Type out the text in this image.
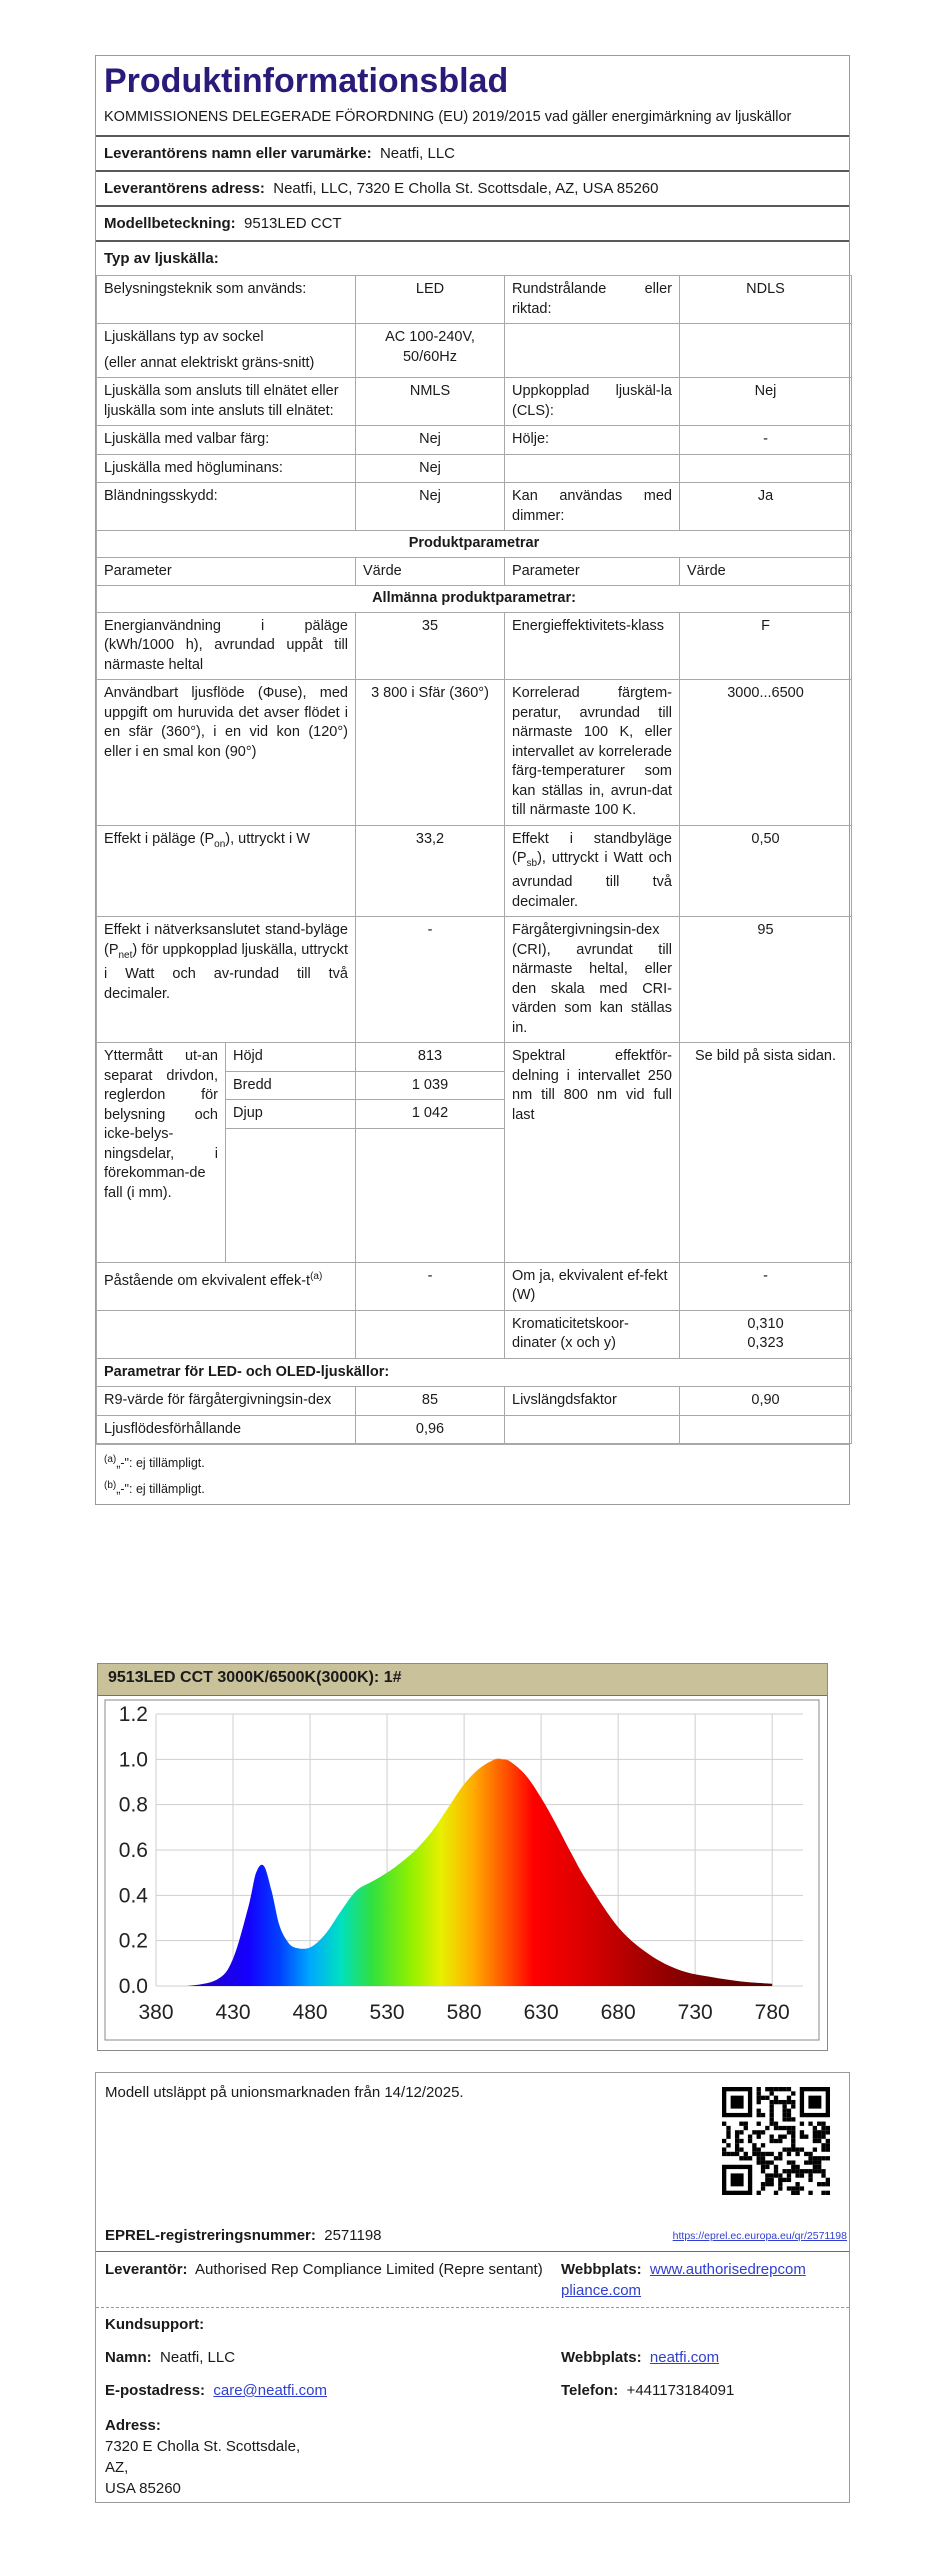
Produktinformationsblad
KOMMISSIONENS DELEGERADE FÖRORDNING (EU) 2019/2015 vad gäller energimärkning av ljuskällor
Leverantörens namn eller varumärke: Neatfi, LLC
Leverantörens adress: Neatfi, LLC, 7320 E Cholla St. Scottsdale, AZ, USA 85260
Modellbeteckning: 9513LED CCT
Typ av ljuskälla:
Belysningsteknik som används:		LED	Rundstrålande eller riktad:	NDLS

Ljuskällans typ av sockel
(eller annat elektriskt gräns-snitt)		AC 100-240V, 50/60Hz		
Ljuskälla som ansluts till elnätet eller ljuskälla som inte ansluts till elnätet:		NMLS	Uppkopplad ljuskäl-la (CLS):	Nej
Ljuskälla med valbar färg:		Nej	Hölje:	-
Ljuskälla med högluminans:		Nej		
Bländningsskydd:		Nej	Kan användas med dimmer:	Ja
Produktparametrar				
Parameter		Värde	Parameter	Värde
Allmänna produktparametrar:				
Energianvändning i päläge (kWh/1000 h), avrundad uppåt till närmaste heltal		35	Energieffektivitets-klass	F
Användbart ljusflöde (Φuse), med uppgift om huruvida det avser flödet i en sfär (360°), i en vid kon (120°) eller i en smal kon (90°)		3 800 i Sfär (360°)	Korrelerad färgtem-peratur, avrundad till närmaste 100 K, eller intervallet av korrelerade färg-temperaturer som kan ställas in, avrun-dat till närmaste 100 K.	3000...6500
Effekt i päläge $(P_{on})$, uttryckt i W		33,2	Effekt i standbyläge $(P_{sb})$, uttryckt i Watt och avrundad till två decimaler.	0,50
Effekt i nätverksanslutet stand-byläge $(P_{net})$ för uppkopplad ljuskälla, uttryckt i Watt och av-rundad till två decimaler.		-	Färgåtergivningsin-dex (CRI), avrundat till närmaste heltal, eller den skala med CRI-värden som kan ställas in.	95
Yttermått ut-an separat drivdon, reglerdon för belysning och icke-belys-ningsdelar, i förekomman-de fall (i mm).	Höjd	813	Spektral effektför-delning i intervallet 250 nm till 800 nm vid full last	Se bild på sista sidan.
	Bredd	1 039		
	Djup	1 042		

Påstående om ekvivalent effek-$t^{(a)}$		-	Om ja, ekvivalent ef-fekt (W)	-
			Kromaticitetskoor-dinater (x och y)	0,310
0,323

Parametrar för LED- och OLED-ljuskällor:				
R9-värde för färgåtergivningsin-dex		85	Livslängdsfaktor	0,90
Ljusflödesförhållande		0,96		
$^{(a)}$„-": ej tillämpligt.
$^{(b)}$„-": ej tillämpligt.
9513LED CCT 3000K/6500K(3000K): 1#
0.0
0.2
0.4
0.6
0.8
1.0
1.2
380 430 480 530 580 630 680 730 780
Modell utsläppt på unionsmarknaden från 14/12/2025.
EPREL-registreringsnummer: 2571198	https://eprel.ec.europa.eu/qr/2571198
Leverantör: Authorised Rep Compliance Limited (Repre sentant) Webbplats: www.authorisedrepcom pliance.com
Kundsupport:
Namn: Neatfi, LLC	Webbplats: neatfi.com
E-postadress: care@neatfi.com	Telefon: +441173184091
Adress:
7320 E Cholla St. Scottsdale,
AZ,
USA 85260
